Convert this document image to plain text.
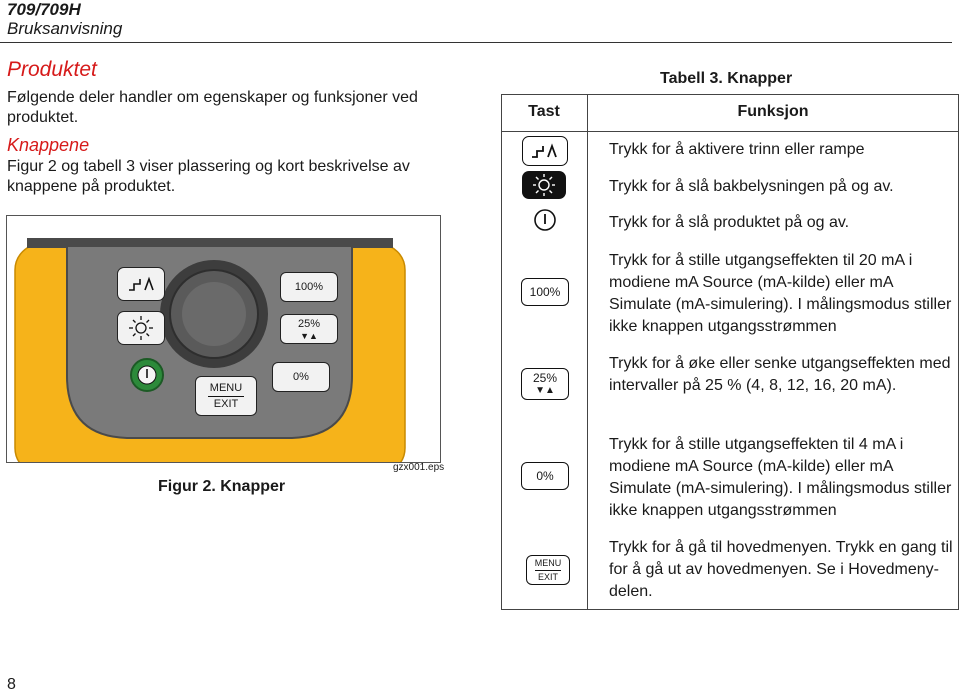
709/709H
Bruksanvisning
Produktet
Følgende deler handler om egenskaper og funksjoner ved produktet.
Knappene
Figur 2 og tabell 3 viser plassering og kort beskrivelse av knappene på produktet.
100%
25%
▼▲
0%
MENU
EXIT
Figur 2. Knapper
gzx001.eps
Tabell 3. Knapper
Tast	Funksjon
Trykk for å aktivere trinn eller rampe
Trykk for å slå bakbelysningen på og av.
Trykk for å slå produktet på og av.
100%
Trykk for å stille utgangseffekten til 20 mA i modiene mA Source (mA-kilde) eller mA Simulate (mA-simulering). I målingsmodus stiller ikke knappen utgangsstrømmen
25%
▼▲
Trykk for å øke eller senke utgangseffekten med intervaller på 25 % (4, 8, 12, 16, 20 mA).
0%
Trykk for å stille utgangseffekten til 4 mA i modiene mA Source (mA-kilde) eller mA Simulate (mA-simulering). I målingsmodus stiller ikke knappen utgangsstrømmen
MENU
EXIT
Trykk for å gå til hovedmenyen. Trykk en gang til for å gå ut av hovedmenyen. Se i Hovedmeny-delen.
8
